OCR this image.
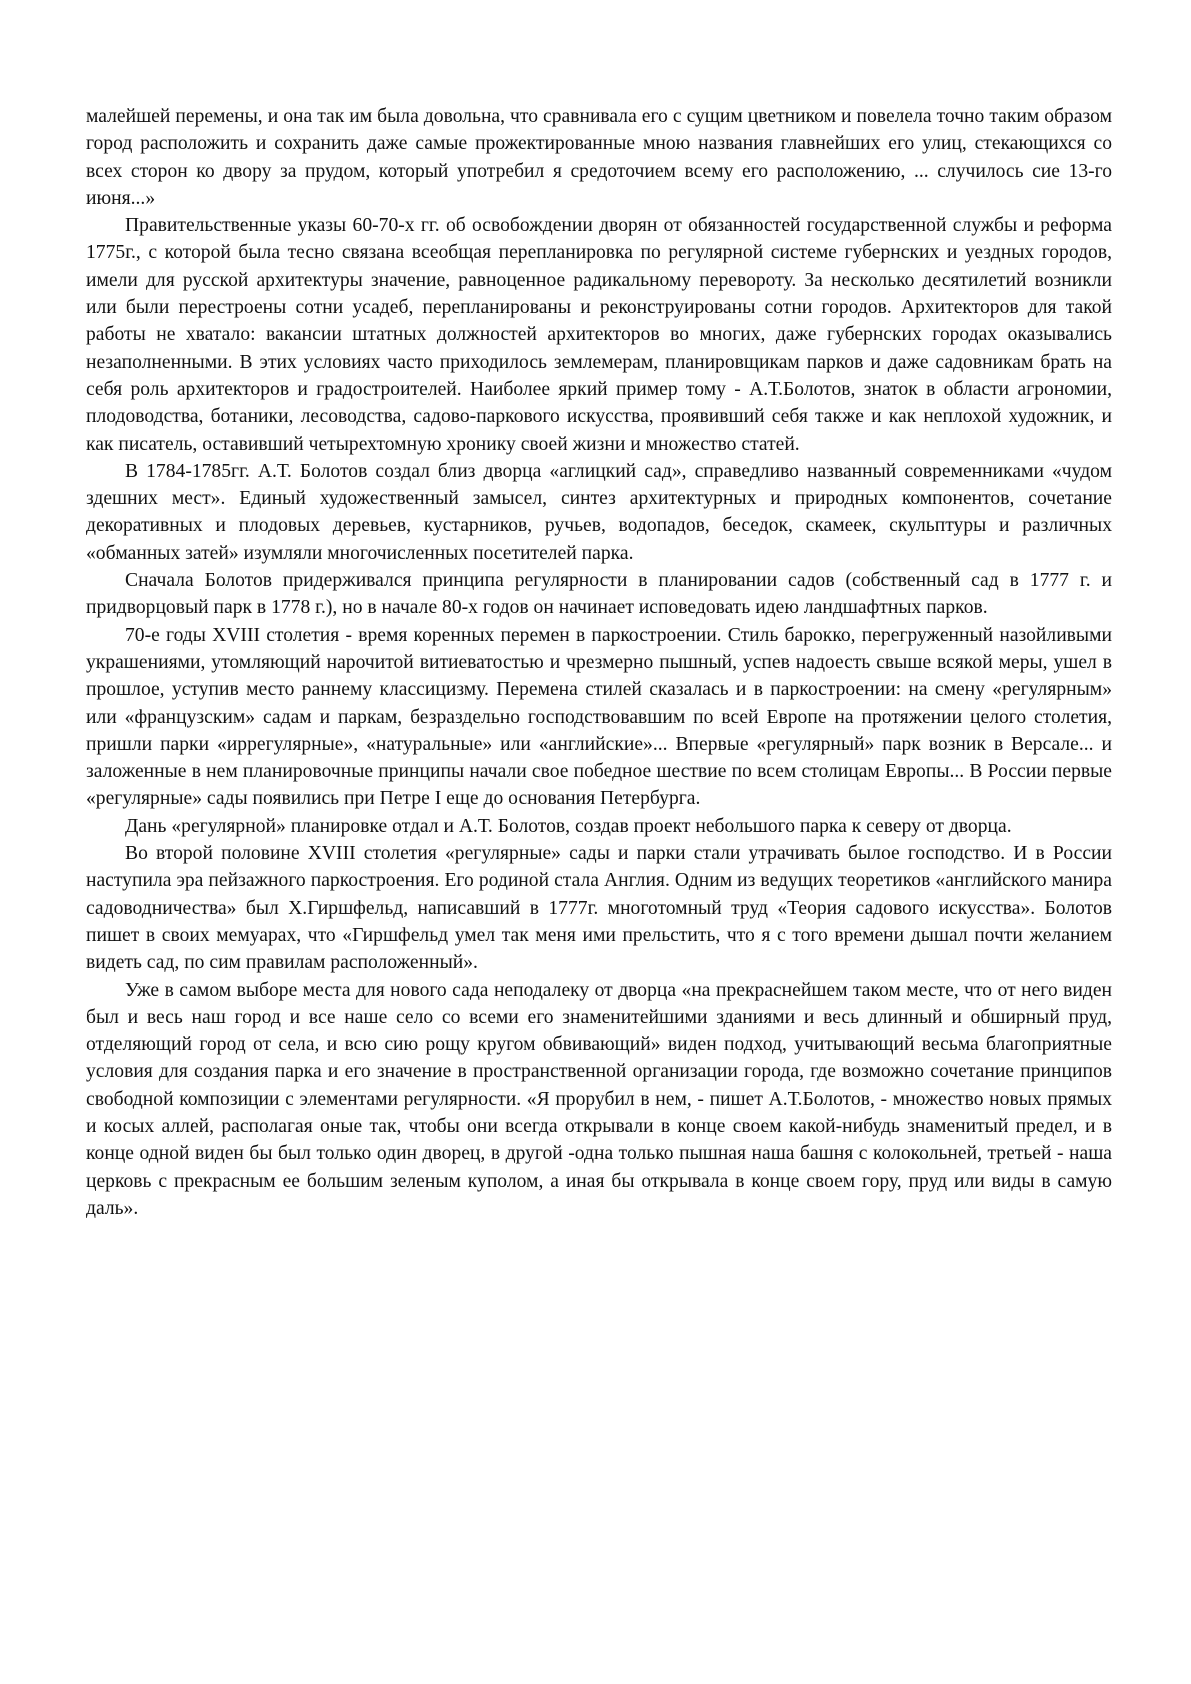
малейшей перемены, и она так им была довольна, что сравнивала его с сущим цветником и повелела точно таким образом город расположить и сохранить даже самые прожектированные мною названия главнейших его улиц, стекающихся со всех сторон ко двору за прудом, который употребил я средоточием всему его расположению, ... случилось сие 13-го июня...»

Правительственные указы 60-70-х гг. об освобождении дворян от обязанностей государственной службы и реформа 1775г., с которой была тесно связана всеобщая перепланировка по регулярной системе губернских и уездных городов, имели для русской архитектуры значение, равноценное радикальному перевороту. За несколько десятилетий возникли или были перестроены сотни усадеб, перепланированы и реконструированы сотни городов. Архитекторов для такой работы не хватало: вакансии штатных должностей архитекторов во многих, даже губернских городах оказывались незаполненными. В этих условиях часто приходилось землемерам, планировщикам парков и даже садовникам брать на себя роль архитекторов и градостроителей. Наиболее яркий пример тому - А.Т.Болотов, знаток в области агрономии, плодоводства, ботаники, лесоводства, садово-паркового искусства, проявивший себя также и как неплохой художник, и как писатель, оставивший четырехтомную хронику своей жизни и множество статей.

В 1784-1785гг. А.Т. Болотов создал близ дворца «аглицкий сад», справедливо названный современниками «чудом здешних мест». Единый художественный замысел, синтез архитектурных и природных компонентов, сочетание декоративных и плодовых деревьев, кустарников, ручьев, водопадов, беседок, скамеек, скульптуры и различных «обманных затей» изумляли многочисленных посетителей парка.

Сначала Болотов придерживался принципа регулярности в планировании садов (собственный сад в 1777 г. и придворцовый парк в 1778 г.), но в начале 80-х годов он начинает исповедовать идею ландшафтных парков.

70-е годы XVIII столетия - время коренных перемен в паркостроении. Стиль барокко, перегруженный назойливыми украшениями, утомляющий нарочитой витиеватостью и чрезмерно пышный, успев надоесть свыше всякой меры, ушел в прошлое, уступив место раннему классицизму. Перемена стилей сказалась и в паркостроении: на смену «регулярным» или «французским» садам и паркам, безраздельно господствовавшим по всей Европе на протяжении целого столетия, пришли парки «иррегулярные», «натуральные» или «английские»... Впервые «регулярный» парк возник в Версале... и заложенные в нем планировочные принципы начали свое победное шествие по всем столицам Европы... В России первые «регулярные» сады появились при Петре I еще до основания Петербурга.

Дань «регулярной» планировке отдал и А.Т. Болотов, создав проект небольшого парка к северу от дворца.

Во второй половине XVIII столетия «регулярные» сады и парки стали утрачивать былое господство. И в России наступила эра пейзажного паркостроения. Его родиной стала Англия. Одним из ведущих теоретиков «английского манира садоводничества» был X.Гиршфельд, написавший в 1777г. многотомный труд «Теория садового искусства». Болотов пишет в своих мемуарах, что «Гиршфельд умел так меня ими прельстить, что я с того времени дышал почти желанием видеть сад, по сим правилам расположенный».

Уже в самом выборе места для нового сада неподалеку от дворца «на прекраснейшем таком месте, что от него виден был и весь наш город и все наше село со всеми его знаменитейшими зданиями и весь длинный и обширный пруд, отделяющий город от села, и всю сию рощу кругом обвивающий» виден подход, учитывающий весьма благоприятные условия для создания парка и его значение в пространственной организации города, где возможно сочетание принципов свободной композиции с элементами регулярности. «Я прорубил в нем, - пишет А.Т.Болотов, - множество новых прямых и косых аллей, располагая оные так, чтобы они всегда открывали в конце своем какой-нибудь знаменитый предел, и в конце одной виден бы был только один дворец, в другой -одна только пышная наша башня с колокольней, третьей - наша церковь с прекрасным ее большим зеленым куполом, а иная бы открывала в конце своем гору, пруд или виды в самую даль».
